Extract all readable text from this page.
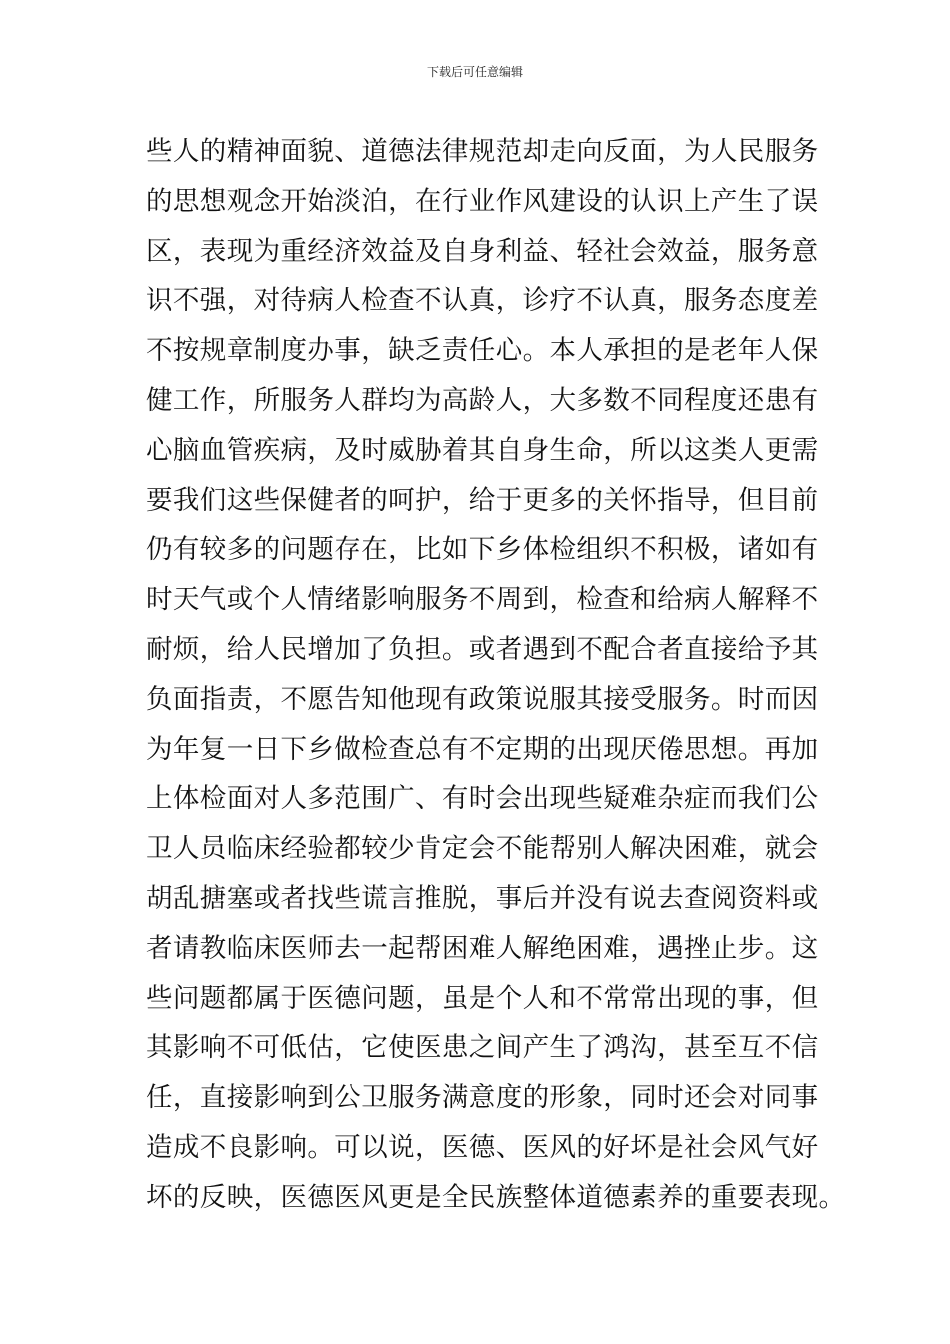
下载后可任意编辑
些人的精神面貌、道德法律规范却走向反面，为人民服务
的思想观念开始淡泊，在行业作风建设的认识上产生了误
区，表现为重经济效益及自身利益、轻社会效益，服务意
识不强，对待病人检查不认真，诊疗不认真，服务态度差
不按规章制度办事，缺乏责任心。本人承担的是老年人保
健工作，所服务人群均为高龄人，大多数不同程度还患有
心脑血管疾病，及时威胁着其自身生命，所以这类人更需
要我们这些保健者的呵护，给于更多的关怀指导，但目前
仍有较多的问题存在，比如下乡体检组织不积极，诸如有
时天气或个人情绪影响服务不周到，检查和给病人解释不
耐烦，给人民增加了负担。或者遇到不配合者直接给予其
负面指责，不愿告知他现有政策说服其接受服务。时而因
为年复一日下乡做检查总有不定期的出现厌倦思想。再加
上体检面对人多范围广、有时会出现些疑难杂症而我们公
卫人员临床经验都较少肯定会不能帮别人解决困难，就会
胡乱搪塞或者找些谎言推脱，事后并没有说去查阅资料或
者请教临床医师去一起帮困难人解绝困难，遇挫止步。这
些问题都属于医德问题，虽是个人和不常常出现的事，但
其影响不可低估，它使医患之间产生了鸿沟，甚至互不信
任，直接影响到公卫服务满意度的形象，同时还会对同事
造成不良影响。可以说，医德、医风的好坏是社会风气好
坏的反映，医德医风更是全民族整体道德素养的重要表现。
